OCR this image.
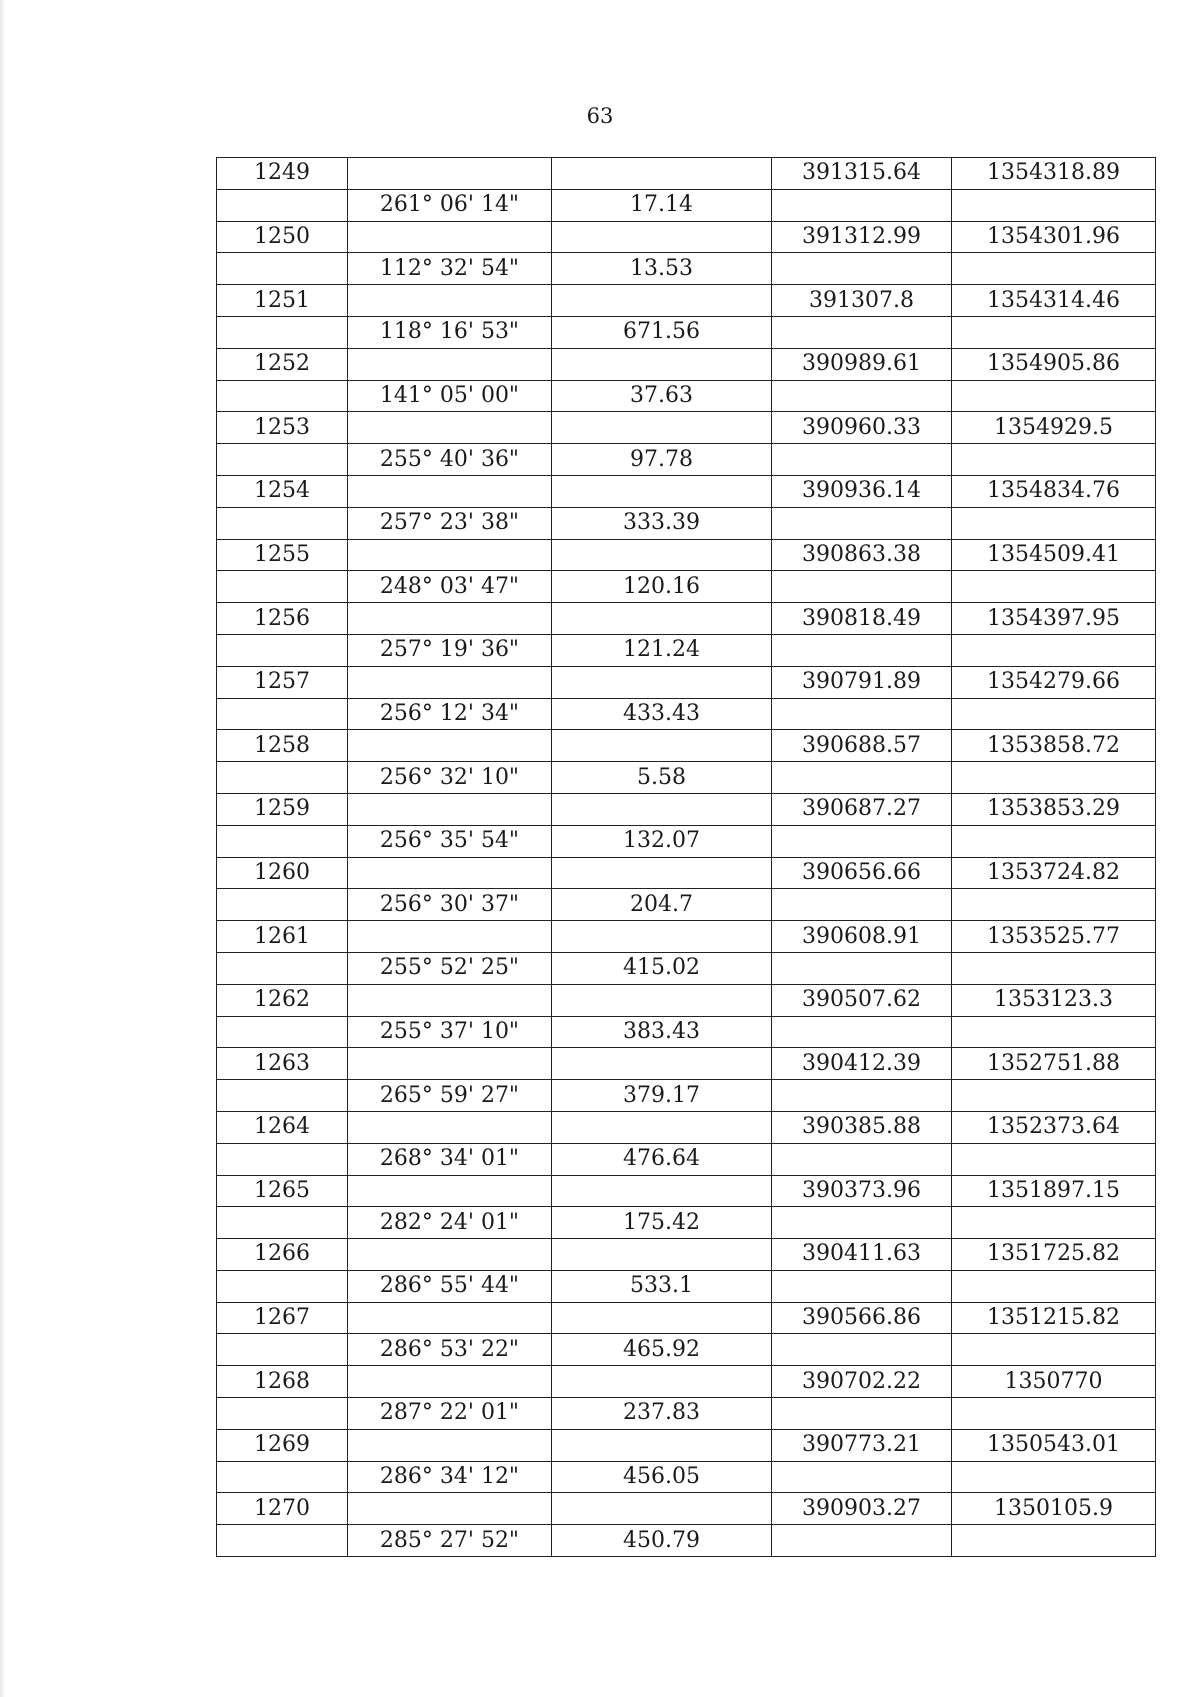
63
1249			391315.64	1354318.89
	261° 06' 14"	17.14		
1250			391312.99	1354301.96
	112° 32' 54"	13.53		
1251			391307.8	1354314.46
	118° 16' 53"	671.56		
1252			390989.61	1354905.86
	141° 05' 00"	37.63		
1253			390960.33	1354929.5
	255° 40' 36"	97.78		
1254			390936.14	1354834.76
	257° 23' 38"	333.39		
1255			390863.38	1354509.41
	248° 03' 47"	120.16		
1256			390818.49	1354397.95
	257° 19' 36"	121.24		
1257			390791.89	1354279.66
	256° 12' 34"	433.43		
1258			390688.57	1353858.72
	256° 32' 10"	5.58		
1259			390687.27	1353853.29
	256° 35' 54"	132.07		
1260			390656.66	1353724.82
	256° 30' 37"	204.7		
1261			390608.91	1353525.77
	255° 52' 25"	415.02		
1262			390507.62	1353123.3
	255° 37' 10"	383.43		
1263			390412.39	1352751.88
	265° 59' 27"	379.17		
1264			390385.88	1352373.64
	268° 34' 01"	476.64		
1265			390373.96	1351897.15
	282° 24' 01"	175.42		
1266			390411.63	1351725.82
	286° 55' 44"	533.1		
1267			390566.86	1351215.82
	286° 53' 22"	465.92		
1268			390702.22	1350770
	287° 22' 01"	237.83		
1269			390773.21	1350543.01
	286° 34' 12"	456.05		
1270			390903.27	1350105.9
	285° 27' 52"	450.79		
